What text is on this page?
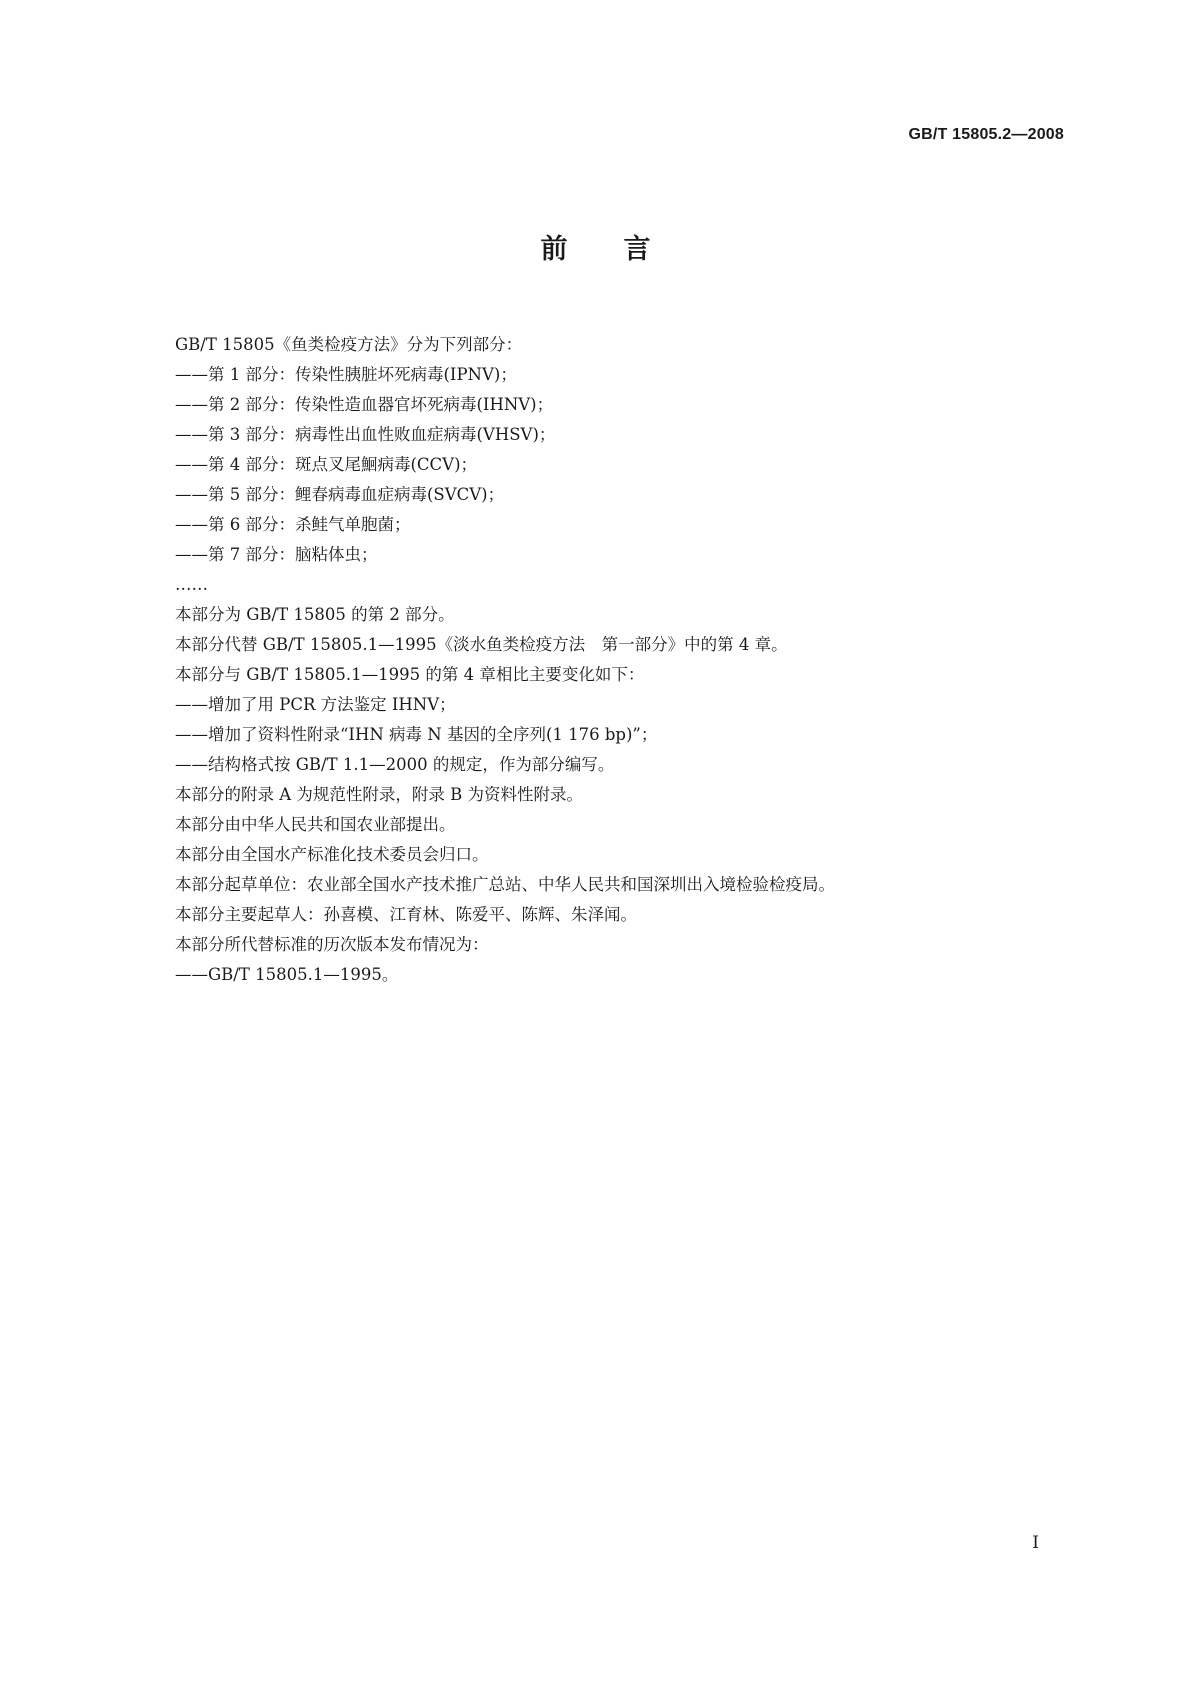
GB/T 15805.2—2008
前言
GB/T 15805《鱼类检疫方法》分为下列部分：
——第 1 部分：传染性胰脏坏死病毒(IPNV)；
——第 2 部分：传染性造血器官坏死病毒(IHNV)；
——第 3 部分：病毒性出血性败血症病毒(VHSV)；
——第 4 部分：斑点叉尾鮰病毒(CCV)；
——第 5 部分：鲤春病毒血症病毒(SVCV)；
——第 6 部分：杀鲑气单胞菌；
——第 7 部分：脑粘体虫；
……
本部分为 GB/T 15805 的第 2 部分。
本部分代替 GB/T 15805.1—1995《淡水鱼类检疫方法　第一部分》中的第 4 章。
本部分与 GB/T 15805.1—1995 的第 4 章相比主要变化如下：
——增加了用 PCR 方法鉴定 IHNV；
——增加了资料性附录“IHN 病毒 N 基因的全序列(1 176 bp)”；
——结构格式按 GB/T 1.1—2000 的规定，作为部分编写。
本部分的附录 A 为规范性附录，附录 B 为资料性附录。
本部分由中华人民共和国农业部提出。
本部分由全国水产标准化技术委员会归口。
本部分起草单位：农业部全国水产技术推广总站、中华人民共和国深圳出入境检验检疫局。
本部分主要起草人：孙喜模、江育林、陈爱平、陈辉、朱泽闻。
本部分所代替标准的历次版本发布情况为：
——GB/T 15805.1—1995。
I
